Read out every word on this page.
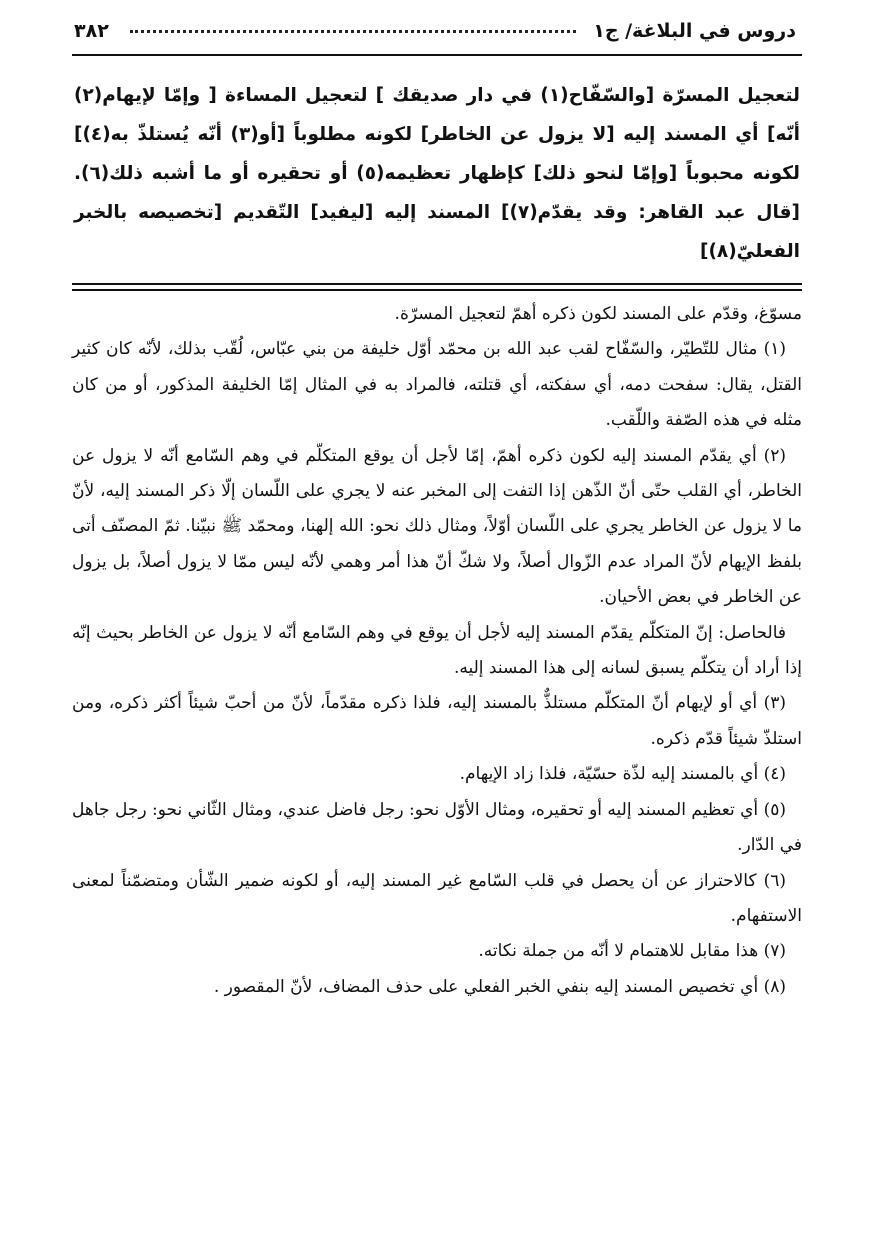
دروس في البلاغة/ ج١
٣٨٢
لتعجيل المسرّة [والسّفّاح(١) في دار صديقك ] لتعجيل المساءة [ وإمّا لإيهام(٢) أنّه] أي المسند إليه [لا يزول عن الخاطر] لكونه مطلوباً [أو(٣) أنّه يُستلذّ به(٤)] لكونه محبوباً [وإمّا لنحو ذلك] كإظهار تعظيمه(٥) أو تحقيره أو ما أشبه ذلك(٦). [قال عبد القاهر: وقد يقدّم(٧)] المسند إليه [ليفيد] التّقديم [تخصيصه بالخبر الفعليّ(٨)]

مسوّغ، وقدّم على المسند لكون ذكره أهمّ لتعجيل المسرّة.

(١) مثال للتّطيّر، والسّفّاح لقب عبد الله بن محمّد أوّل خليفة من بني عبّاس، لُقّب بذلك، لأنّه كان كثير القتل، يقال: سفحت دمه، أي سفكته، أي قتلته، فالمراد به في المثال إمّا الخليفة المذكور، أو من كان مثله في هذه الصّفة واللّقب.

(٢) أي يقدّم المسند إليه لكون ذكره أهمّ، إمّا لأجل أن يوقع المتكلّم في وهم السّامع أنّه لا يزول عن الخاطر، أي القلب حتّى أنّ الذّهن إذا التفت إلى المخبر عنه لا يجري على اللّسان إلّا ذكر المسند إليه، لأنّ ما لا يزول عن الخاطر يجري على اللّسان أوّلاً، ومثال ذلك نحو: الله إلهنا، ومحمّد ﷺ نبيّنا. ثمّ المصنّف أتى بلفظ الإيهام لأنّ المراد عدم الزّوال أصلاً، ولا شكّ أنّ هذا أمر وهمي لأنّه ليس ممّا لا يزول أصلاً، بل يزول عن الخاطر في بعض الأحيان.

فالحاصل: إنّ المتكلّم يقدّم المسند إليه لأجل أن يوقع في وهم السّامع أنّه لا يزول عن الخاطر بحيث إنّه إذا أراد أن يتكلّم يسبق لسانه إلى هذا المسند إليه.

(٣) أي أو لإيهام أنّ المتكلّم مستلذٌّ بالمسند إليه، فلذا ذكره مقدّماً، لأنّ من أحبّ شيئاً أكثر ذكره، ومن استلذّ شيئاً قدّم ذكره.

(٤) أي بالمسند إليه لذّة حسّيّة، فلذا زاد الإيهام.

(٥) أي تعظيم المسند إليه أو تحقيره، ومثال الأوّل نحو: رجل فاضل عندي، ومثال الثّاني نحو: رجل جاهل في الدّار.

(٦) كالاحتراز عن أن يحصل في قلب السّامع غير المسند إليه، أو لكونه ضمير الشّأن ومتضمّناً لمعنى الاستفهام.

(٧) هذا مقابل للاهتمام لا أنّه من جملة نكاته.

(٨) أي تخصيص المسند إليه بنفي الخبر الفعلي على حذف المضاف، لأنّ المقصور .
